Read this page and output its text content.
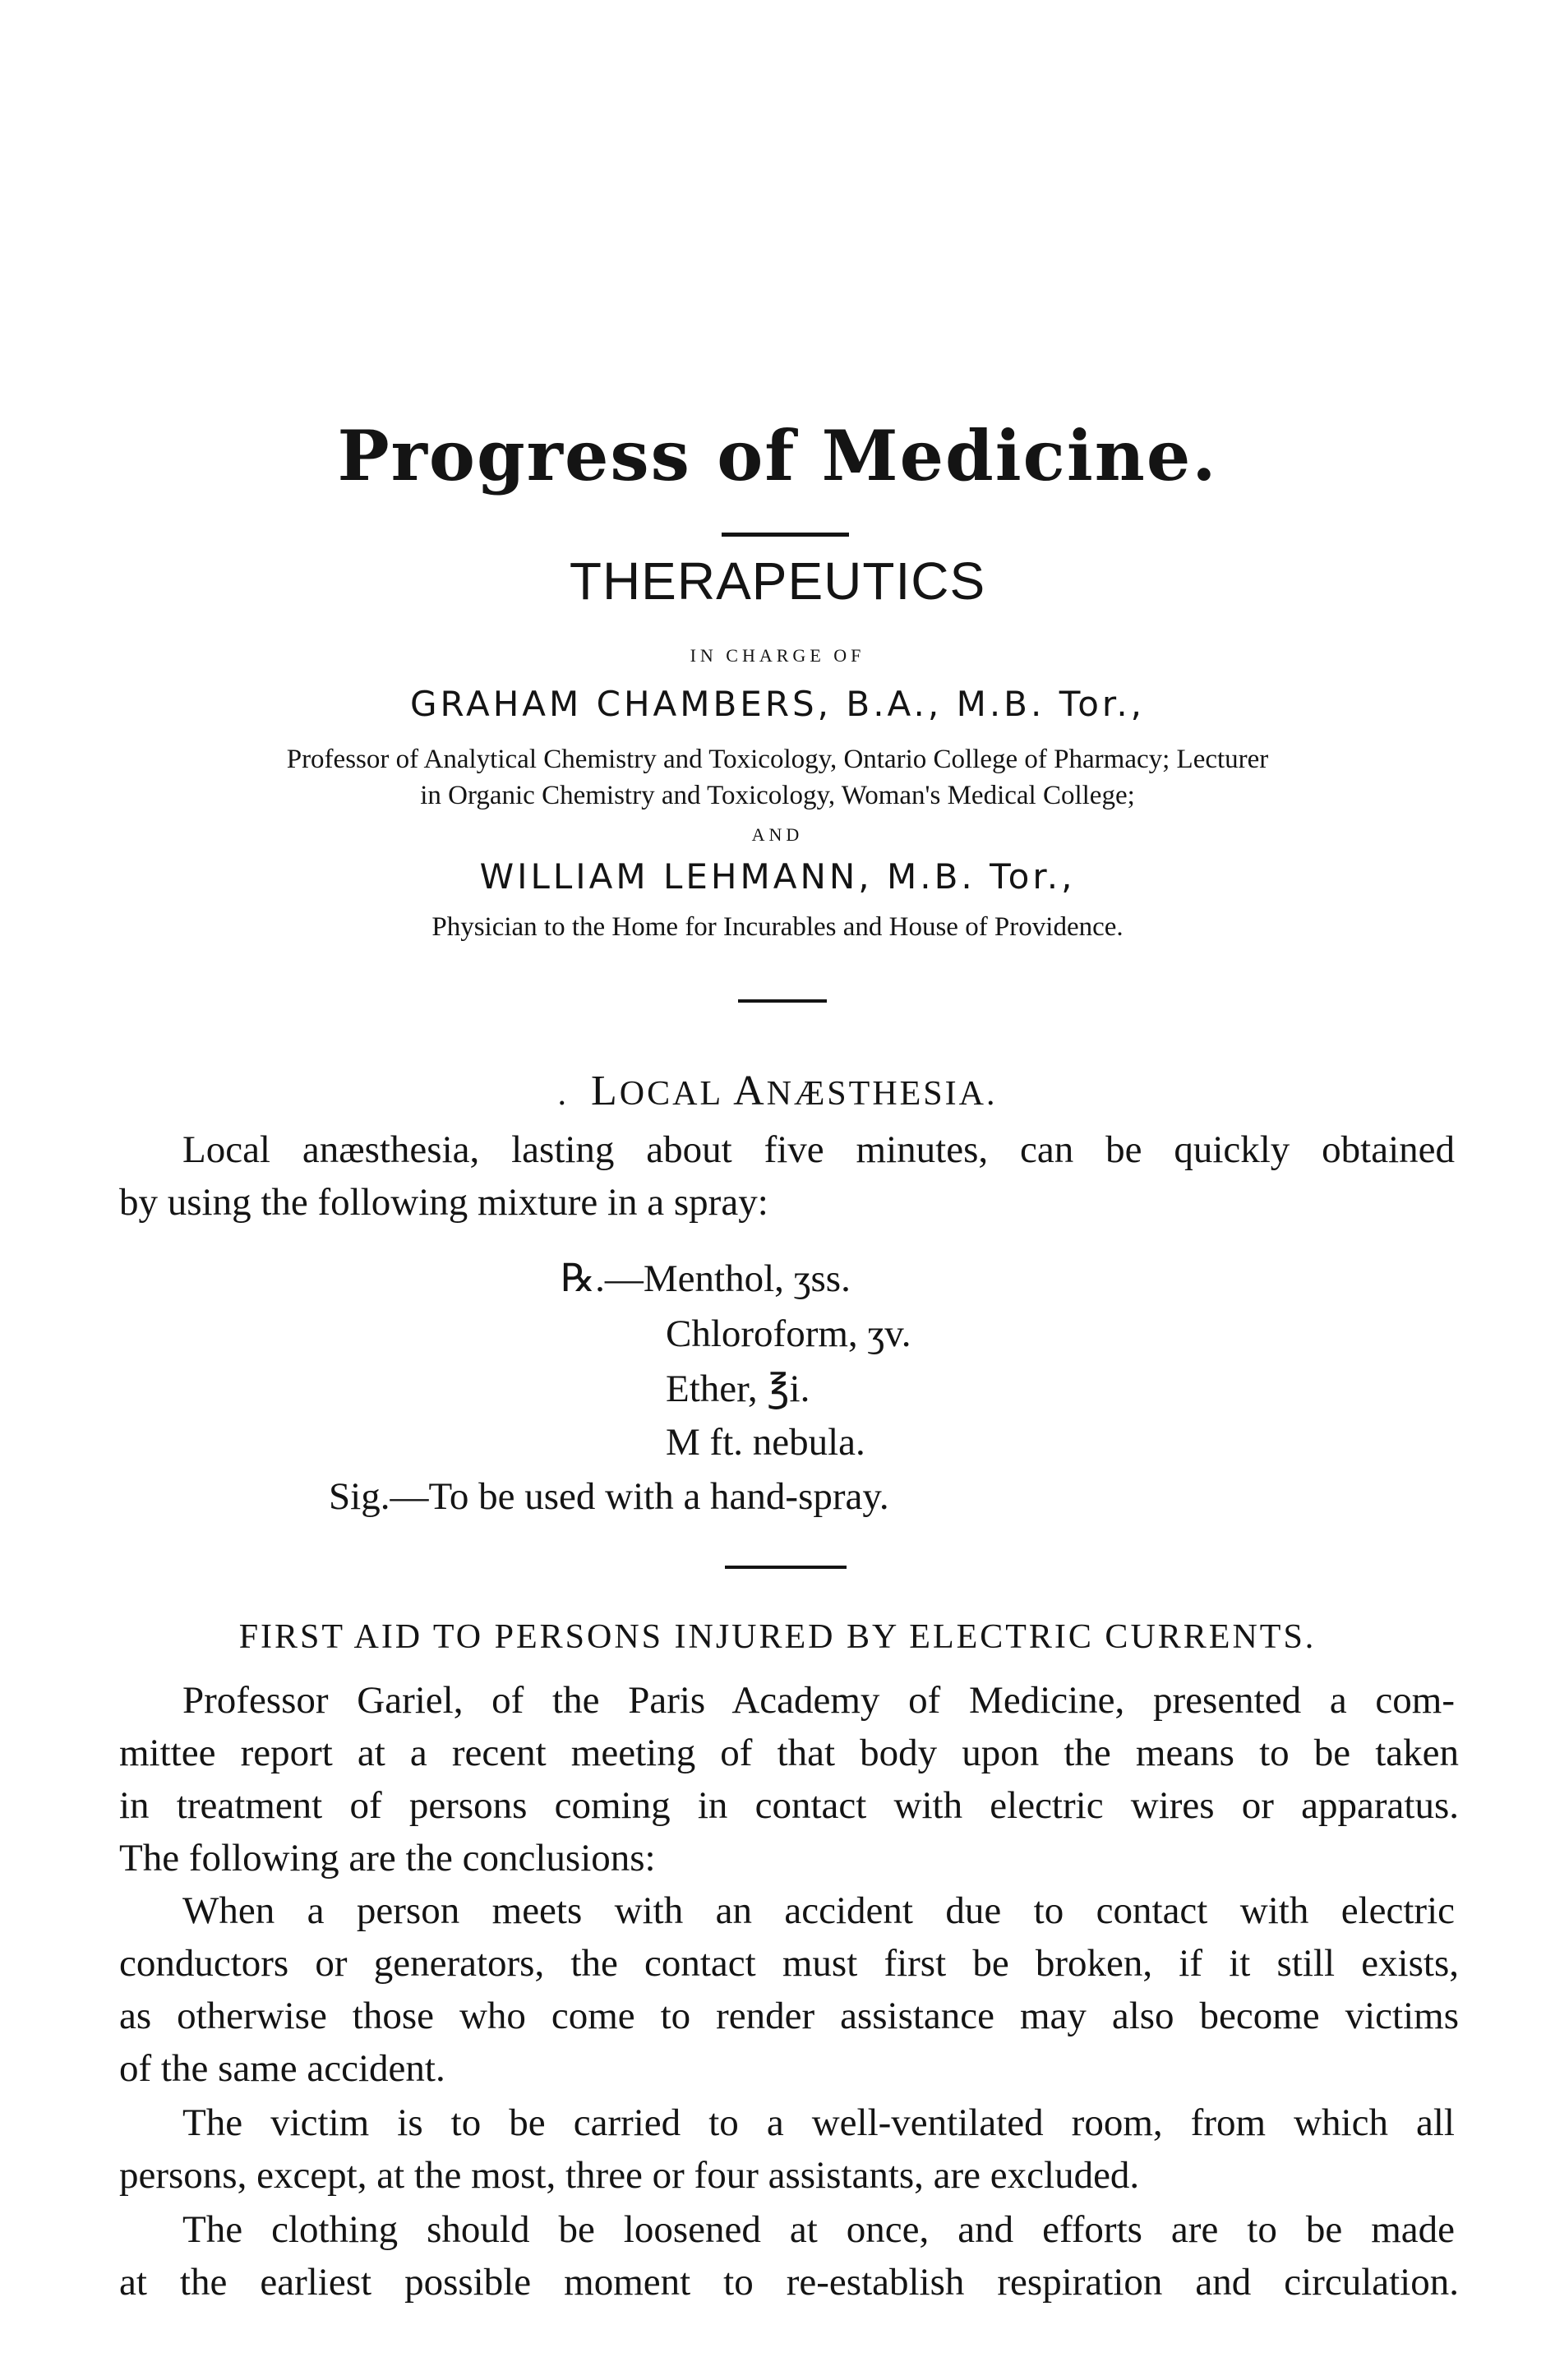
Progress of Medicine.
THERAPEUTICS
IN CHARGE OF
GRAHAM CHAMBERS, B.A., M.B. Tor.,
Professor of Analytical Chemistry and Toxicology, Ontario College of Pharmacy; Lecturer
in Organic Chemistry and Toxicology, Woman's Medical College;
AND
WILLIAM LEHMANN, M.B. Tor.,
Physician to the Home for Incurables and House of Providence.
. LOCAL ANÆSTHESIA.
Local anæsthesia, lasting about five minutes, can be quickly obtained
by using the following mixture in a spray:
℞.—Menthol, ʒss.
Chloroform, ʒv.
Ether, ℥i.
M ft. nebula.
Sig.—To be used with a hand-spray.
FIRST AID TO PERSONS INJURED BY ELECTRIC CURRENTS.
Professor Gariel, of the Paris Academy of Medicine, presented a com-
mittee report at a recent meeting of that body upon the means to be taken
in treatment of persons coming in contact with electric wires or apparatus.
The following are the conclusions:
When a person meets with an accident due to contact with electric
conductors or generators, the contact must first be broken, if it still exists,
as otherwise those who come to render assistance may also become victims
of the same accident.
The victim is to be carried to a well-ventilated room, from which all
persons, except, at the most, three or four assistants, are excluded.
The clothing should be loosened at once, and efforts are to be made
at the earliest possible moment to re-establish respiration and circulation.
